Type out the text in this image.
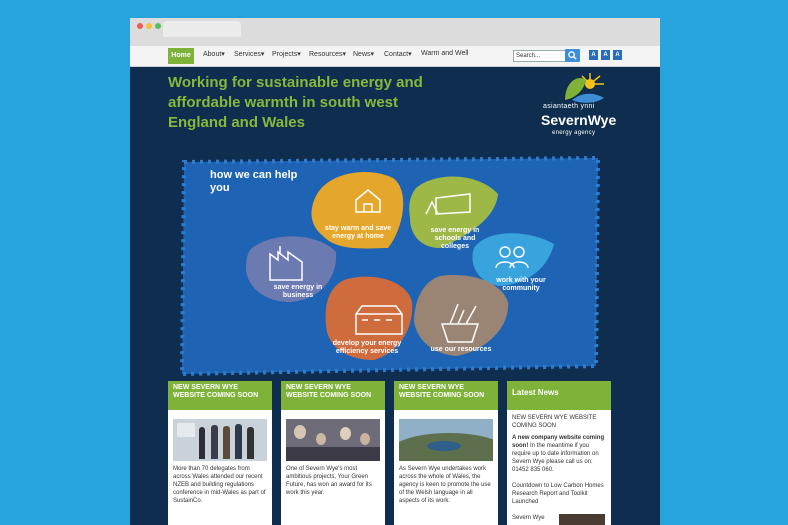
Home	About▾ Services▾ Projects▾ Resources▾ News▾ Contact▾ Warm and Well	Search...	A	A	A
Working for sustainable energy and affordable warmth in south west England and Wales
asiantaeth ynni
SevernWye
energy agency
how we can help you
stay warm and save energy at home
save energy in schools and colleges
work with your community
use our resources
develop your energy efficiency services
save energy in business
NEW SEVERN WYE WEBSITE COMING SOON
More than 70 delegates from across Wales attended our recent NZEB and building regulations conference in mid-Wales as part of SustainCo.
NEW SEVERN WYE WEBSITE COMING SOON
One of Severn Wye's most ambitious projects, Your Green Future, has won an award for its work this year.
NEW SEVERN WYE WEBSITE COMING SOON
As Severn Wye undertakes work across the whole of Wales, the agency is keen to promote the use of the Welsh language in all aspects of its work.
Latest News
NEW SEVERN WYE WEBSITE COMING SOON
A new company website coming soon! In the meantime if you require up to date information on Severn Wye please call us on: 01452 835 060.
Countdown to Low Carbon Homes Research Report and Toolkit Launched
Severn Wye
